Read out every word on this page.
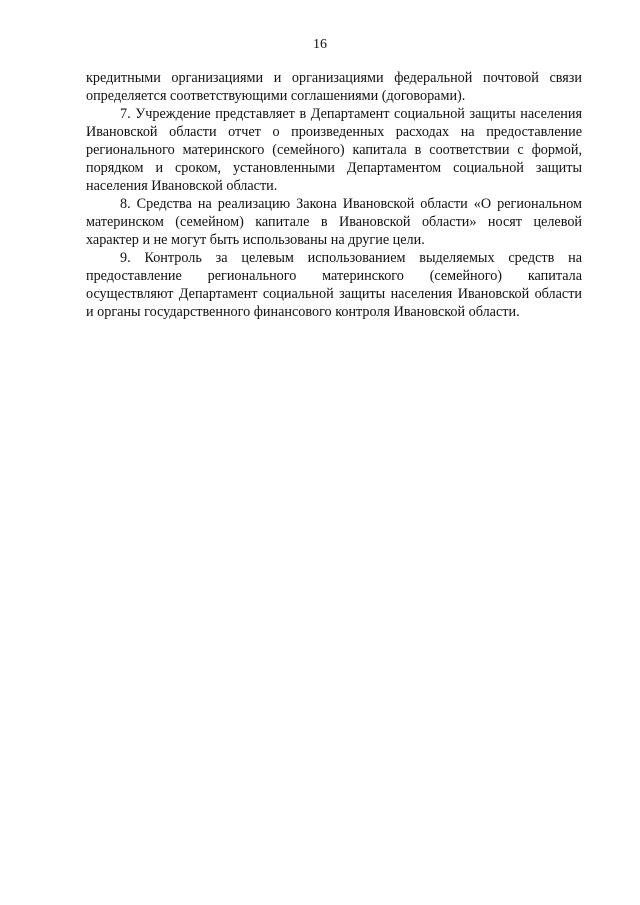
16

кредитными организациями и организациями федеральной почтовой связи определяется соответствующими соглашениями (договорами).

7. Учреждение представляет в Департамент социальной защиты населения Ивановской области отчет о произведенных расходах на предоставление регионального материнского (семейного) капитала в соответствии с формой, порядком и сроком, установленными Департаментом социальной защиты населения Ивановской области.

8. Средства на реализацию Закона Ивановской области «О региональном материнском (семейном) капитале в Ивановской области» носят целевой характер и не могут быть использованы на другие цели.

9. Контроль за целевым использованием выделяемых средств на предоставление регионального материнского (семейного) капитала осуществляют Департамент социальной защиты населения Ивановской области и органы государственного финансового контроля Ивановской области.
